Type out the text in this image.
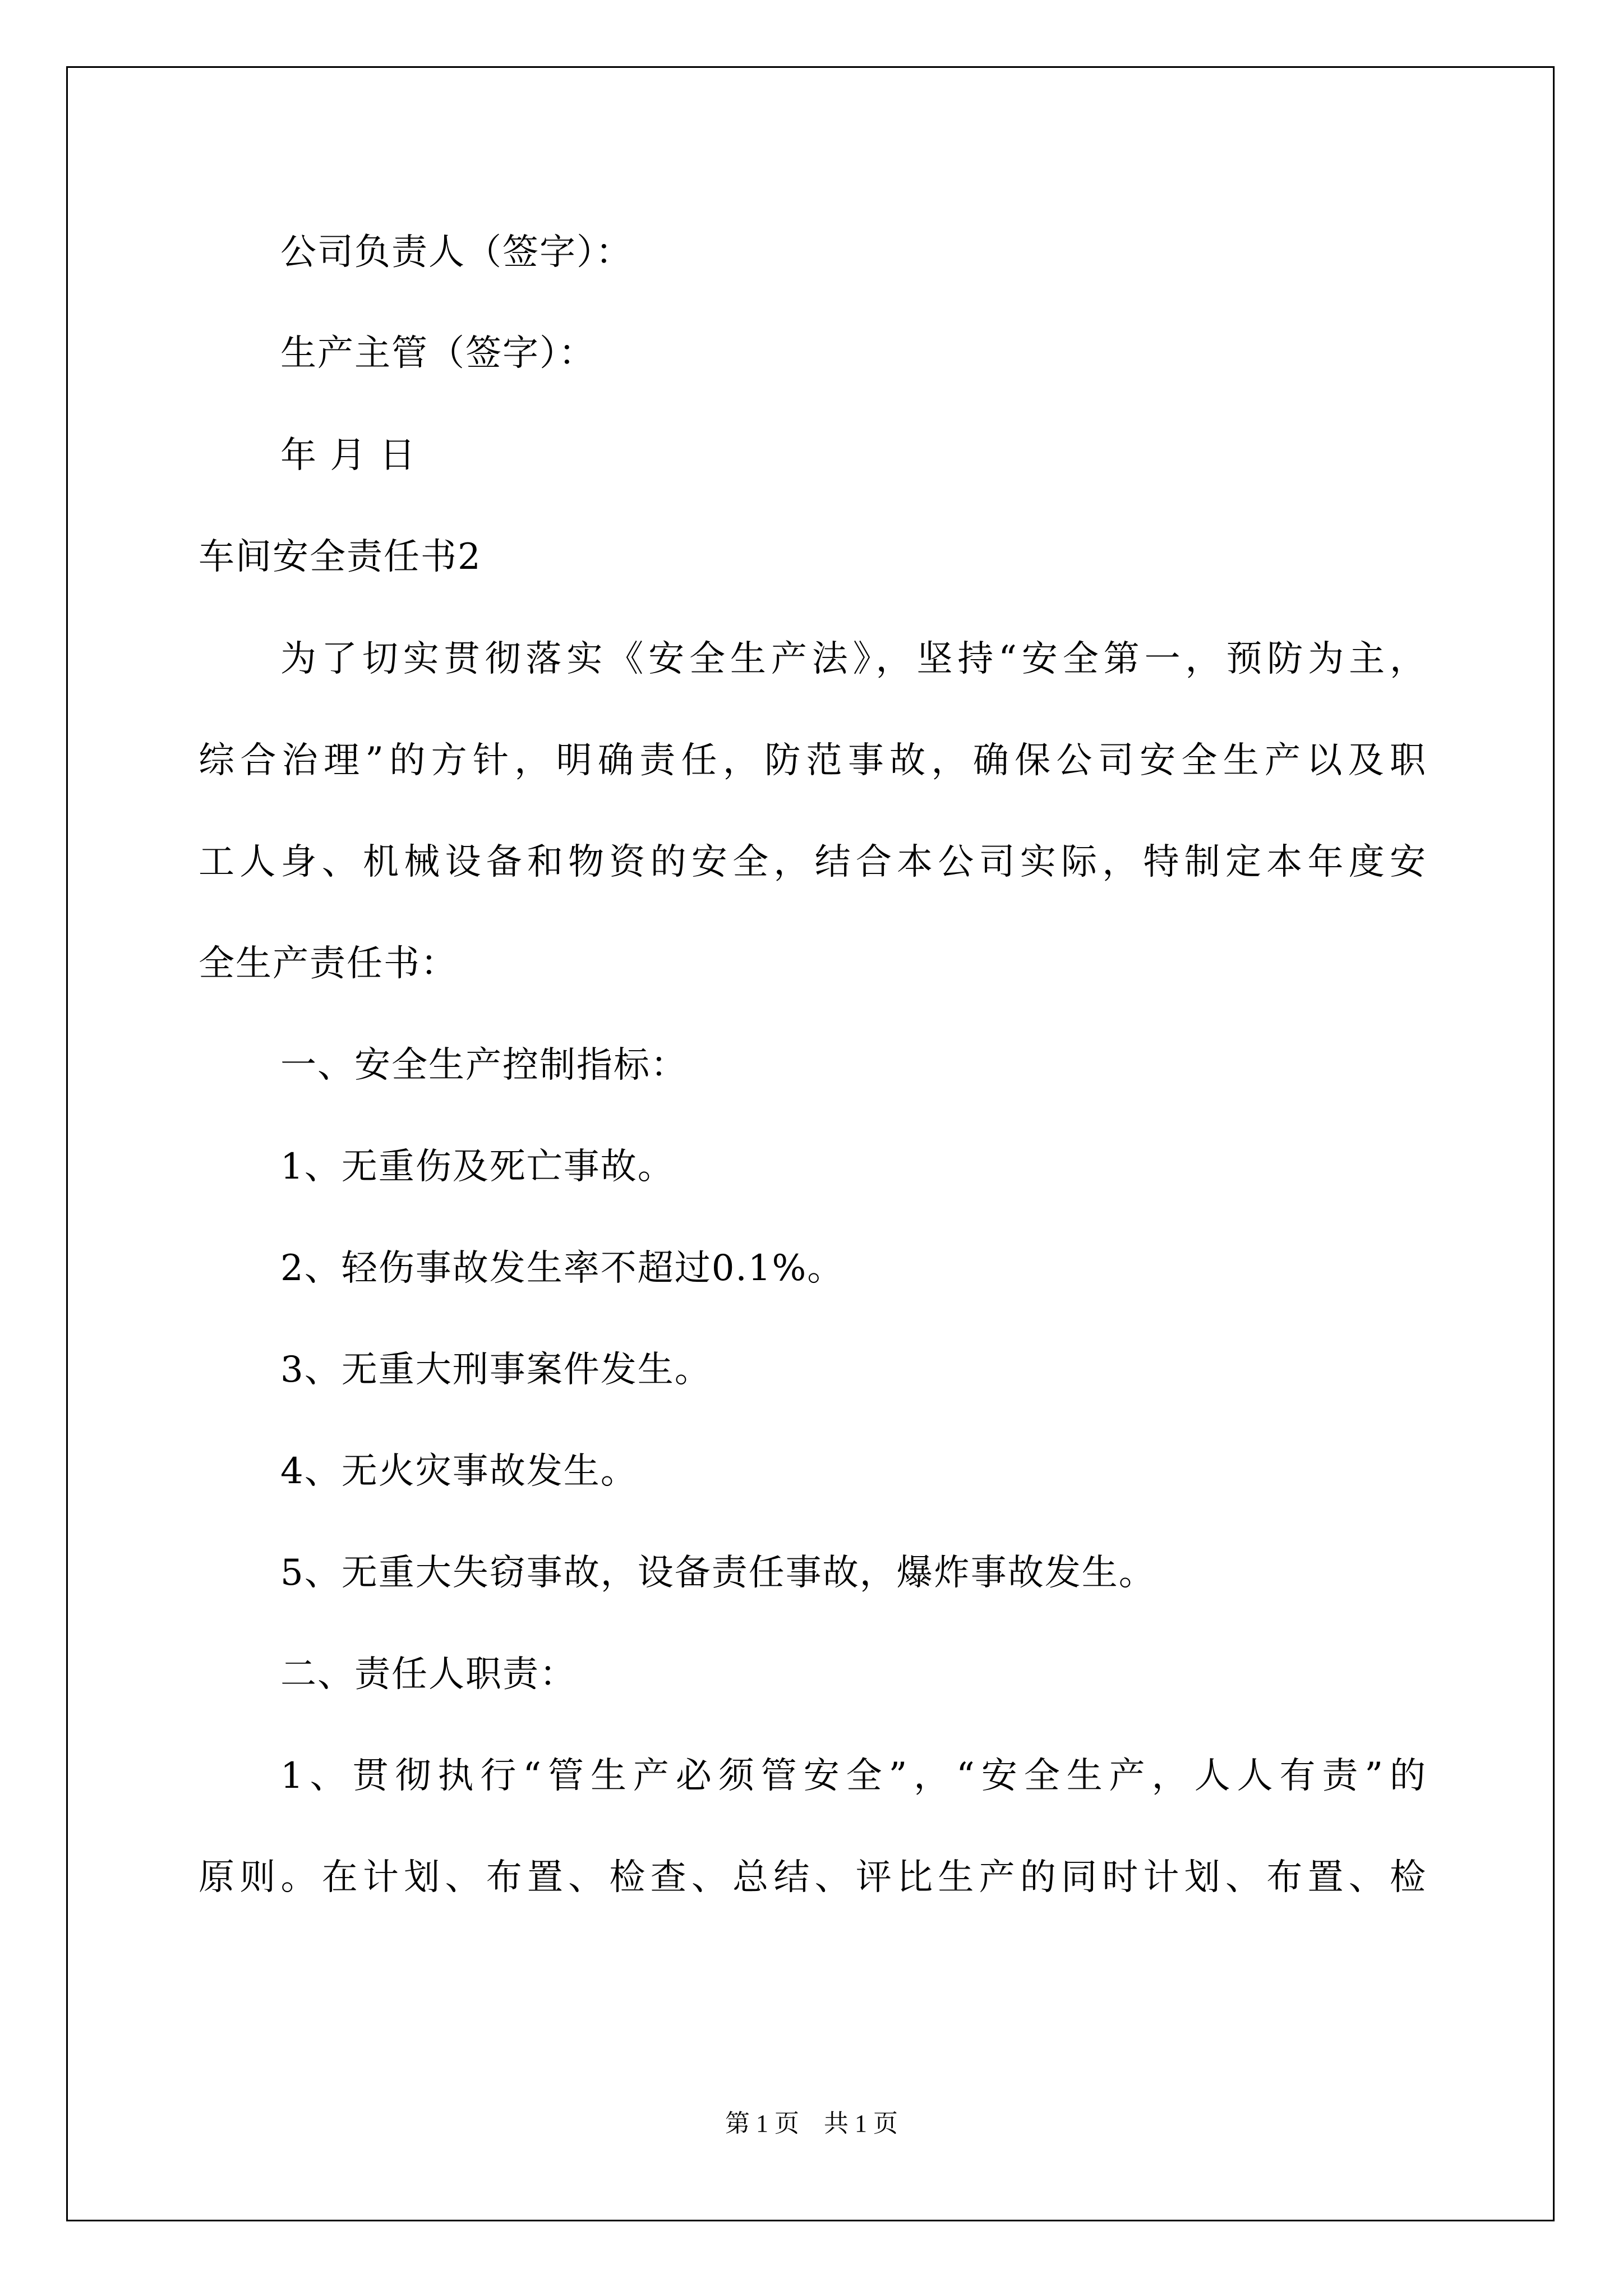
公司负责人（签字）：
生产主管（签字）：
年 月 日
车间安全责任书2
为了切实贯彻落实《安全生产法》，坚持“安全第一，预防为主，
综合治理”的方针，明确责任，防范事故，确保公司安全生产以及职
工人身、机械设备和物资的安全，结合本公司实际，特制定本年度安
全生产责任书：
一、安全生产控制指标：
1、无重伤及死亡事故。
2、轻伤事故发生率不超过0.1%。
3、无重大刑事案件发生。
4、无火灾事故发生。
5、无重大失窃事故，设备责任事故，爆炸事故发生。
二、责任人职责：
1、贯彻执行“管生产必须管安全”，“安全生产，人人有责”的
原则。在计划、布置、检查、总结、评比生产的同时计划、布置、检
第 1 页    共 1 页
